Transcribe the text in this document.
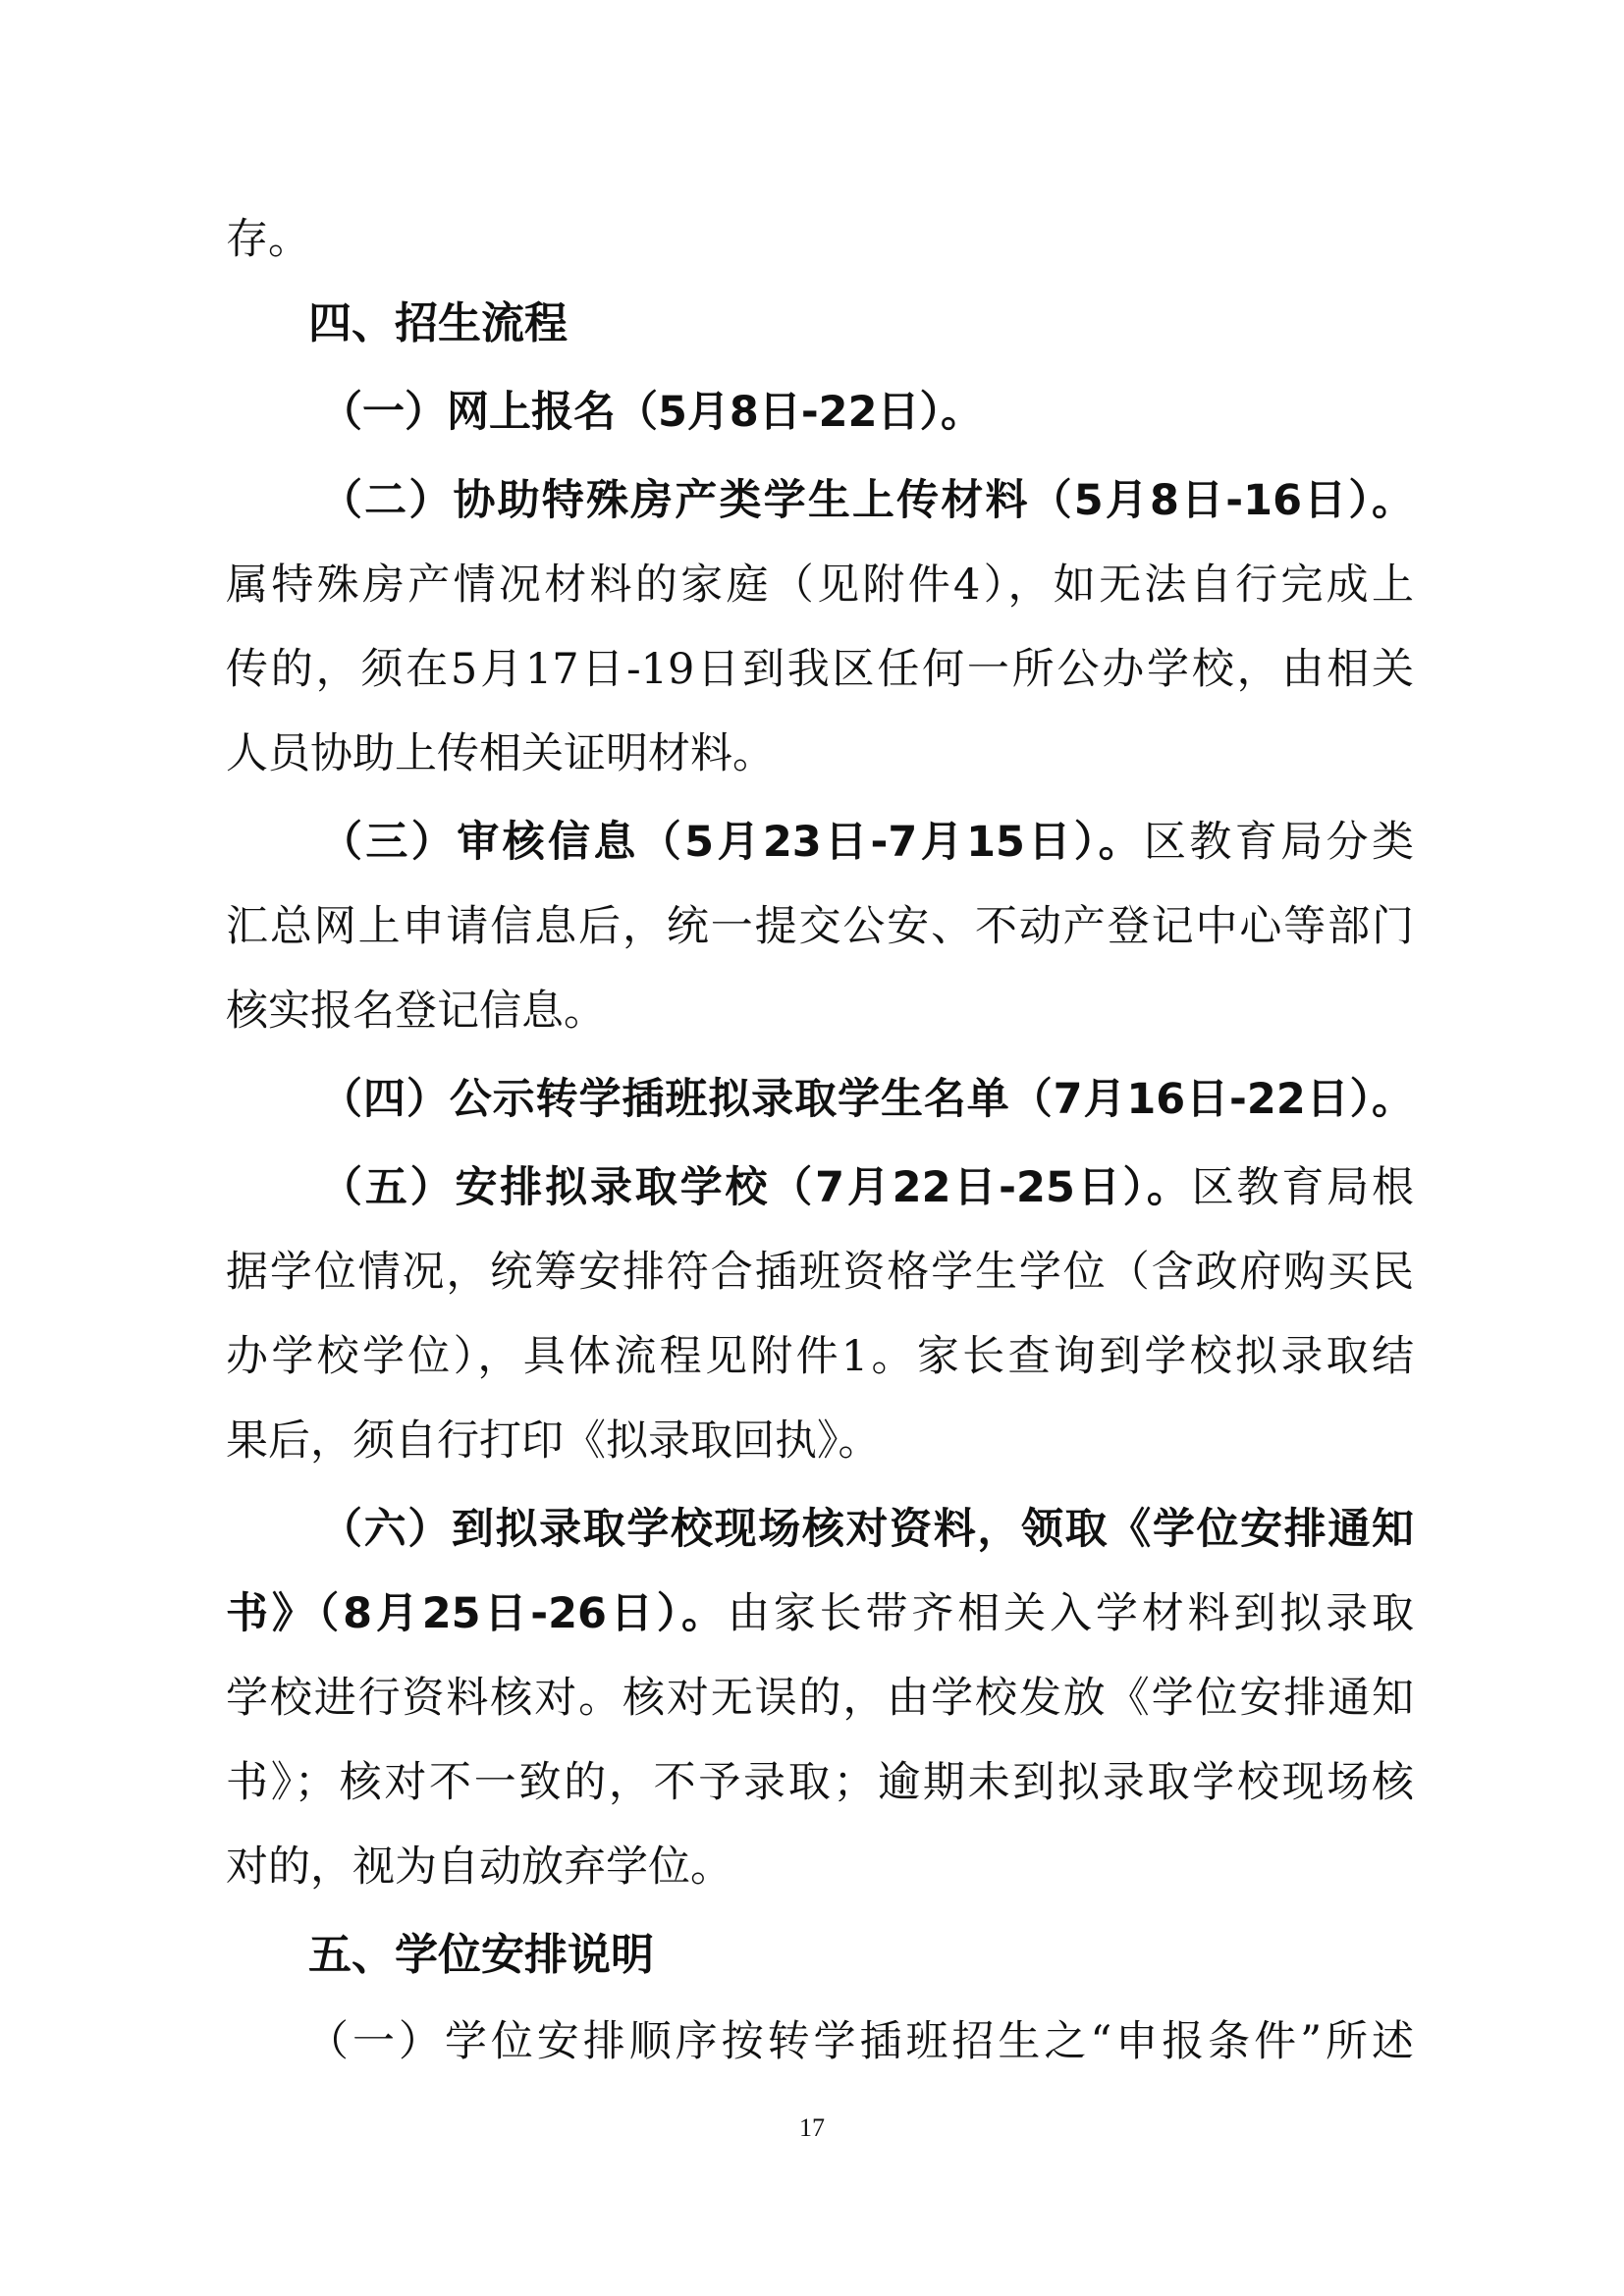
存。
四、招生流程
（一）网上报名（5月8日-22日）。
（二）协助特殊房产类学生上传材料（5月8日-16日）。
属特殊房产情况材料的家庭（见附件4），如无法自行完成上
传的，须在5月17日-19日到我区任何一所公办学校，由相关
人员协助上传相关证明材料。
（三）审核信息（5月23日-7月15日）。区教育局分类
汇总网上申请信息后，统一提交公安、不动产登记中心等部门
核实报名登记信息。
（四）公示转学插班拟录取学生名单（7月16日-22日）。
（五）安排拟录取学校（7月22日-25日）。区教育局根
据学位情况，统筹安排符合插班资格学生学位（含政府购买民
办学校学位），具体流程见附件1。家长查询到学校拟录取结
果后，须自行打印《拟录取回执》。
（六）到拟录取学校现场核对资料，领取《学位安排通知
书》（8月25日-26日）。由家长带齐相关入学材料到拟录取
学校进行资料核对。核对无误的，由学校发放《学位安排通知
书》；核对不一致的，不予录取；逾期未到拟录取学校现场核
对的，视为自动放弃学位。
五、学位安排说明
（一）学位安排顺序按转学插班招生之“申报条件”所述
17
